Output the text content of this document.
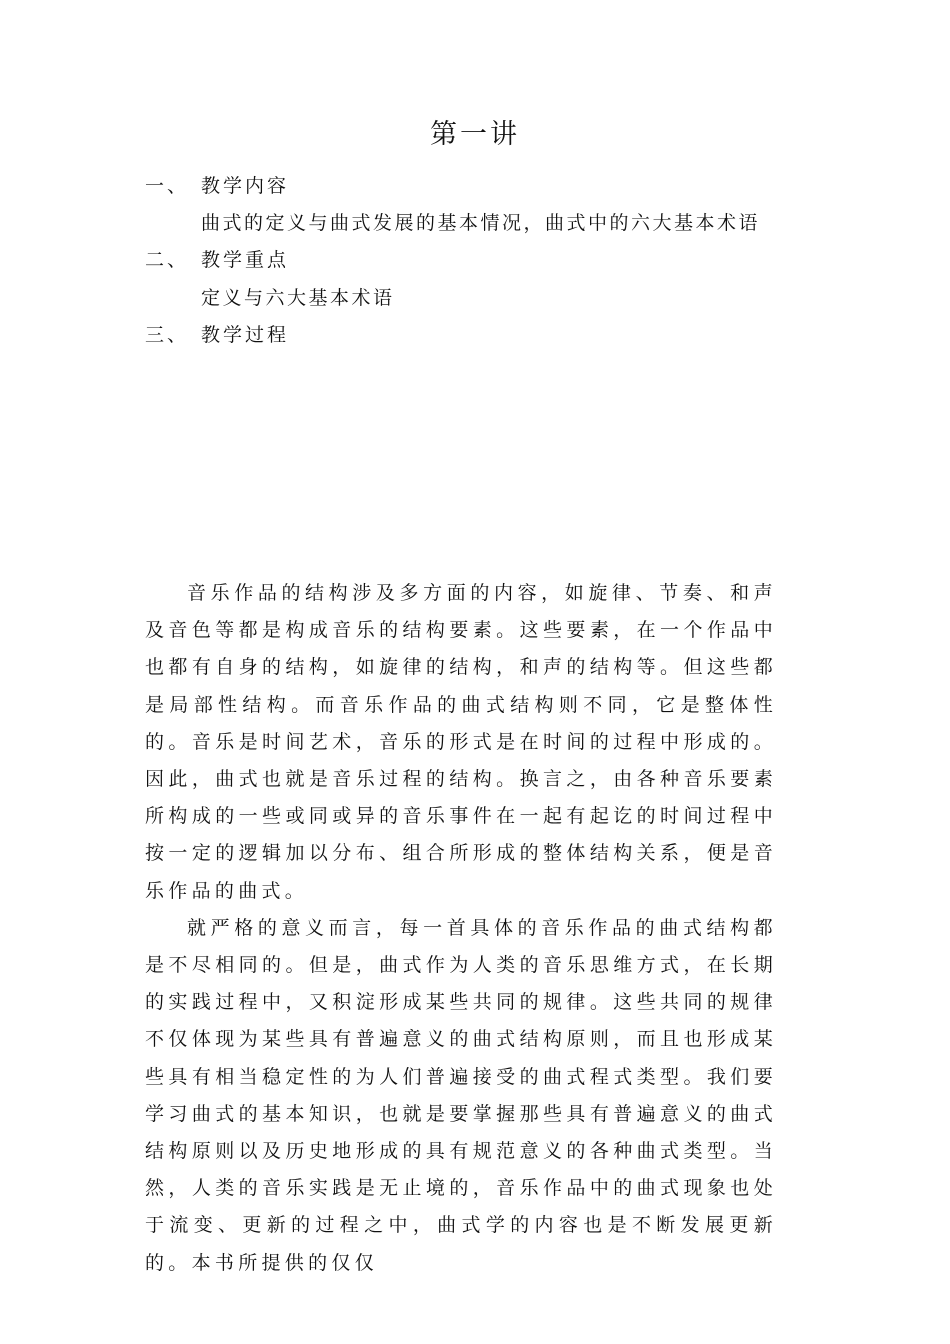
第一讲
一、 教学内容
曲式的定义与曲式发展的基本情况，曲式中的六大基本术语
二、 教学重点
定义与六大基本术语
三、 教学过程

音乐作品的结构涉及多方面的内容，如旋律、节奏、和声及音色等都是构成音乐的结构要素。这些要素，在一个作品中也都有自身的结构，如旋律的结构，和声的结构等。但这些都是局部性结构。而音乐作品的曲式结构则不同，它是整体性的。音乐是时间艺术，音乐的形式是在时间的过程中形成的。因此，曲式也就是音乐过程的结构。换言之，由各种音乐要素所构成的一些或同或异的音乐事件在一起有起讫的时间过程中按一定的逻辑加以分布、组合所形成的整体结构关系，便是音乐作品的曲式。

就严格的意义而言，每一首具体的音乐作品的曲式结构都是不尽相同的。但是，曲式作为人类的音乐思维方式，在长期的实践过程中，又积淀形成某些共同的规律。这些共同的规律不仅体现为某些具有普遍意义的曲式结构原则，而且也形成某些具有相当稳定性的为人们普遍接受的曲式程式类型。我们要学习曲式的基本知识，也就是要掌握那些具有普遍意义的曲式结构原则以及历史地形成的具有规范意义的各种曲式类型。当然，人类的音乐实践是无止境的，音乐作品中的曲式现象也处于流变、更新的过程之中，曲式学的内容也是不断发展更新的。本书所提供的仅仅
